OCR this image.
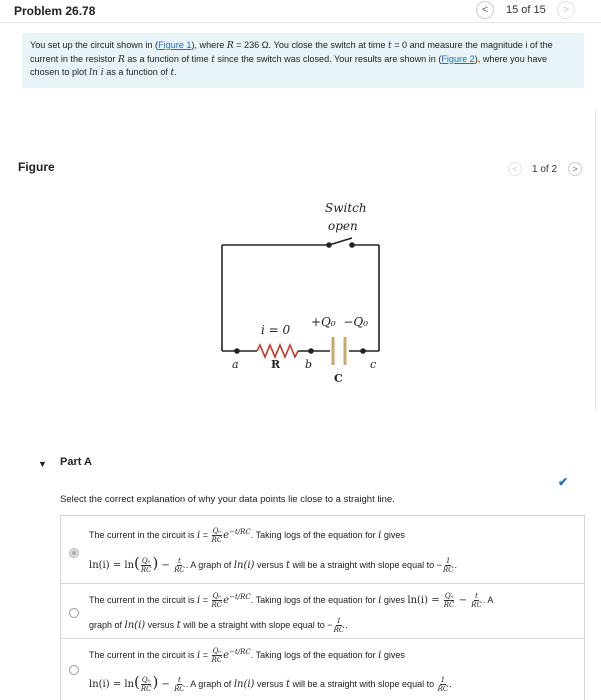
Problem 26.78	< 15 of 15 >
You set up the circuit shown in (Figure 1), where R = 236 Ω. You close the switch at time t = 0 and measure the magnitude i of the current in the resistor R as a function of time t since the switch was closed. Your results are shown in (Figure 2), where you have chosen to plot ln i as a function of t.
Figure	< 1 of 2 >
Switch
open
i = 0
+Q₀  −Q₀
a	R b
C
c
▼ Part A
Select the correct explanation of why your data points lie close to a straight line.
✔
The current in the circuit is $i = \frac{\text{Q₀}}{RC} e^{-t/RC}$. Taking logs of the equation for i gives
$\ln(i) = \ln( \frac{\text{Q₀}}{RC}$ ) − $\frac{t}{RC}$ . A graph of ln(i) versus t will be a straight with slope equal to − $\frac{1}{RC}$ .
The current in the circuit is $i = \frac{\text{Q₀}}{RC} e^{-t/RC}$. Taking logs of the equation for i gives $\ln(i) = \frac{\text{Q₀}}{RC} - \frac{t}{RC}$ . A
graph of ln(i) versus t will be a straight with slope equal to − $\frac{1}{RC}$ .
The current in the circuit is $i = \frac{\text{Q₀}}{RC} e^{-t/RC}$. Taking logs of the equation for i gives
$\ln(i) = \ln( \frac{\text{Q₀}}{RC}$ ) − $\frac{t}{RC}$ . A graph of ln(i) versus t will be a straight with slope equal to $\frac{1}{RC}$ .
